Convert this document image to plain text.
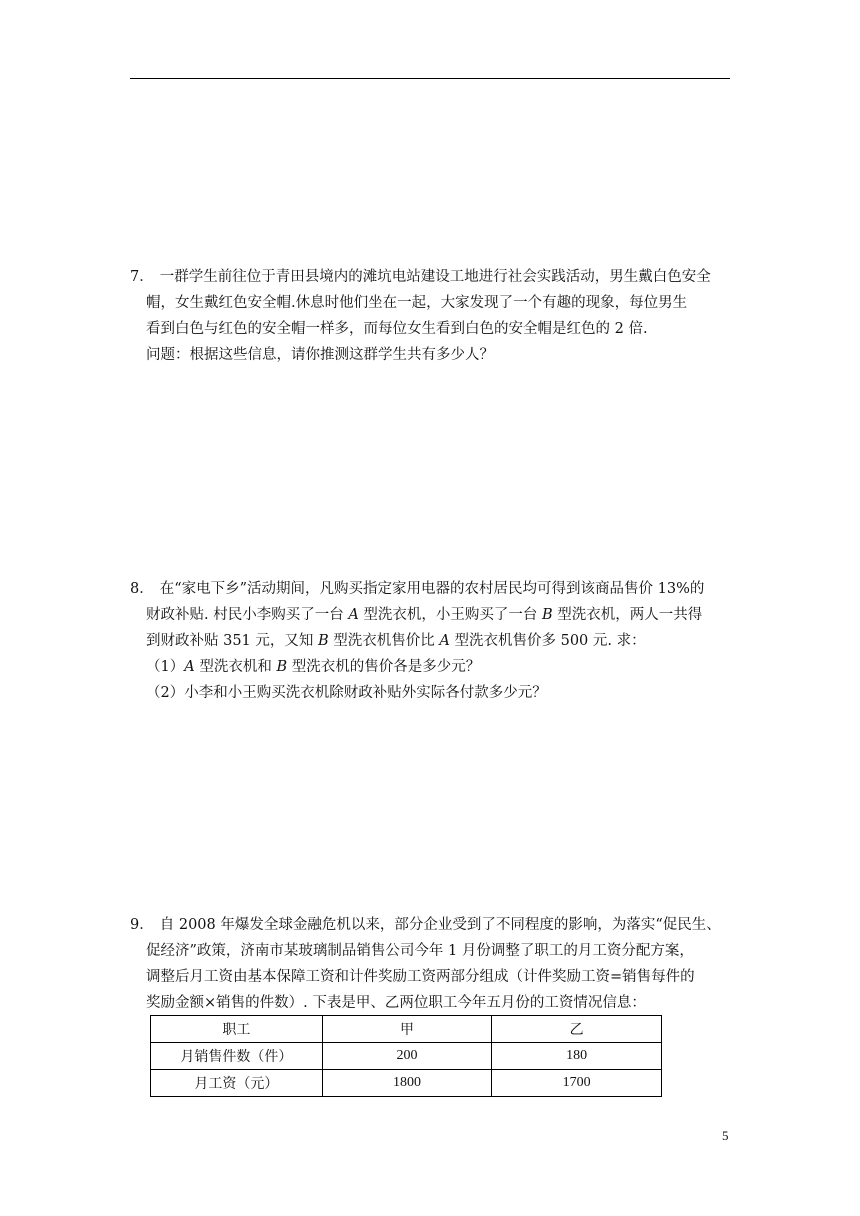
7． 一群学生前往位于青田县境内的滩坑电站建设工地进行社会实践活动，男生戴白色安全
帽，女生戴红色安全帽.休息时他们坐在一起，大家发现了一个有趣的现象，每位男生
看到白色与红色的安全帽一样多，而每位女生看到白色的安全帽是红色的 2 倍.
问题：根据这些信息，请你推测这群学生共有多少人？
8． 在“家电下乡”活动期间，凡购买指定家用电器的农村居民均可得到该商品售价 13%的
财政补贴. 村民小李购买了一台 A 型洗衣机，小王购买了一台 B 型洗衣机，两人一共得
到财政补贴 351 元，又知 B 型洗衣机售价比 A 型洗衣机售价多 500 元. 求：
（1）A 型洗衣机和 B 型洗衣机的售价各是多少元？
（2）小李和小王购买洗衣机除财政补贴外实际各付款多少元？
9． 自 2008 年爆发全球金融危机以来，部分企业受到了不同程度的影响，为落实“促民生、
促经济”政策，济南市某玻璃制品销售公司今年 1 月份调整了职工的月工资分配方案，
调整后月工资由基本保障工资和计件奖励工资两部分组成（计件奖励工资=销售每件的
奖励金额×销售的件数）. 下表是甲、乙两位职工今年五月份的工资情况信息：
职工	甲	乙
月销售件数（件）	200	180
月工资（元）	1800	1700
5
